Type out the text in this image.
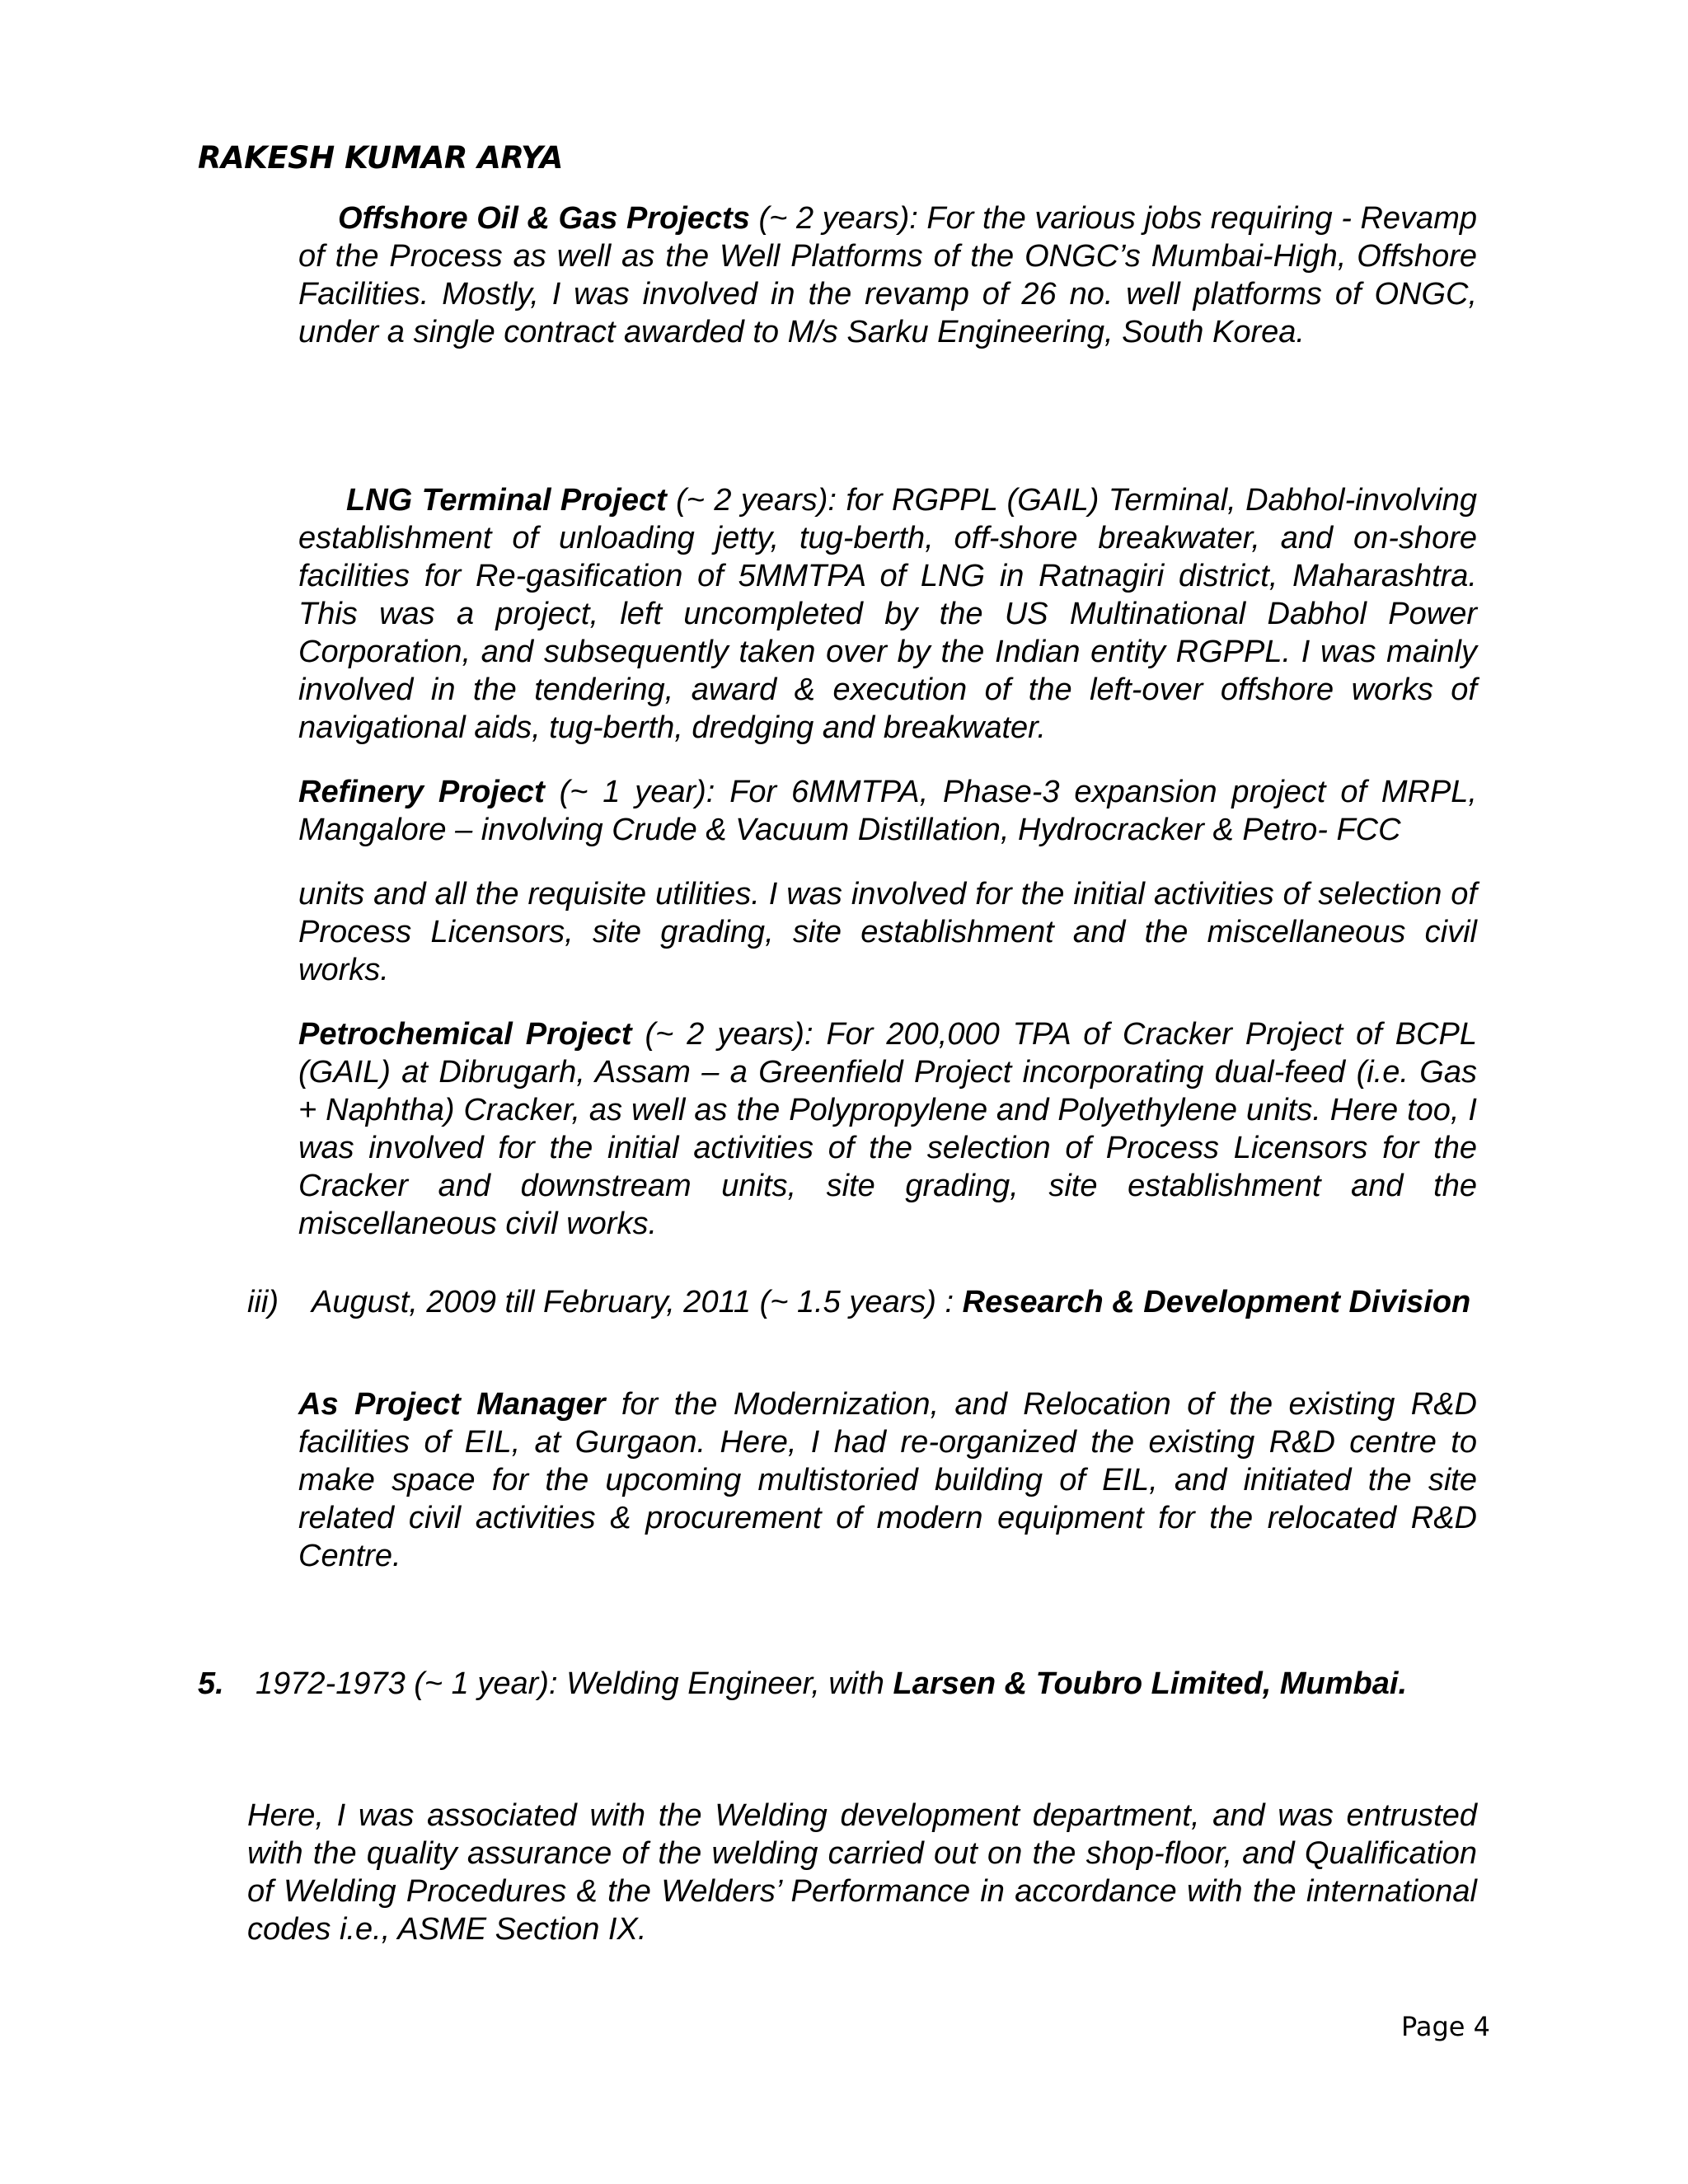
RAKESH KUMAR ARYA

Offshore Oil & Gas Projects (~ 2 years): For the various jobs requiring - Revamp of the Process as well as the Well Platforms of the ONGC’s Mumbai-High, Offshore Facilities. Mostly, I was involved in the revamp of 26 no. well platforms of ONGC, under a single contract awarded to M/s Sarku Engineering, South Korea.

LNG Terminal Project (~ 2 years): for RGPPL (GAIL) Terminal, Dabhol-involving establishment of unloading jetty, tug-berth, off-shore breakwater, and on-shore facilities for Re-gasification of 5MMTPA of LNG in Ratnagiri district, Maharashtra. This was a project, left uncompleted by the US Multinational Dabhol Power Corporation, and subsequently taken over by the Indian entity RGPPL. I was mainly involved in the tendering, award & execution of the left-over offshore works of navigational aids, tug-berth, dredging and breakwater.

Refinery Project (~ 1 year): For 6MMTPA, Phase-3 expansion project of MRPL, Mangalore – involving Crude & Vacuum Distillation, Hydrocracker & Petro- FCC

units and all the requisite utilities. I was involved for the initial activities of selection of Process Licensors, site grading, site establishment and the miscellaneous civil works.

Petrochemical Project (~ 2 years): For 200,000 TPA of Cracker Project of BCPL (GAIL) at Dibrugarh, Assam – a Greenfield Project incorporating dual-feed (i.e. Gas + Naphtha) Cracker, as well as the Polypropylene and Polyethylene units. Here too, I was involved for the initial activities of the selection of Process Licensors for the Cracker and downstream units, site grading, site establishment and the miscellaneous civil works.

iii)	August, 2009 till February, 2011 (~ 1.5 years) : Research & Development Division

As Project Manager for the Modernization, and Relocation of the existing R&D facilities of EIL, at Gurgaon. Here, I had re-organized the existing R&D centre to make space for the upcoming multistoried building of EIL, and initiated the site related civil activities & procurement of modern equipment for the relocated R&D Centre.

5. 1972-1973 (~ 1 year): Welding Engineer, with Larsen & Toubro Limited, Mumbai.

Here, I was associated with the Welding development department, and was entrusted with the quality assurance of the welding carried out on the shop-floor, and Qualification of Welding Procedures & the Welders’ Performance in accordance with the international codes i.e., ASME Section IX.

Page 4
